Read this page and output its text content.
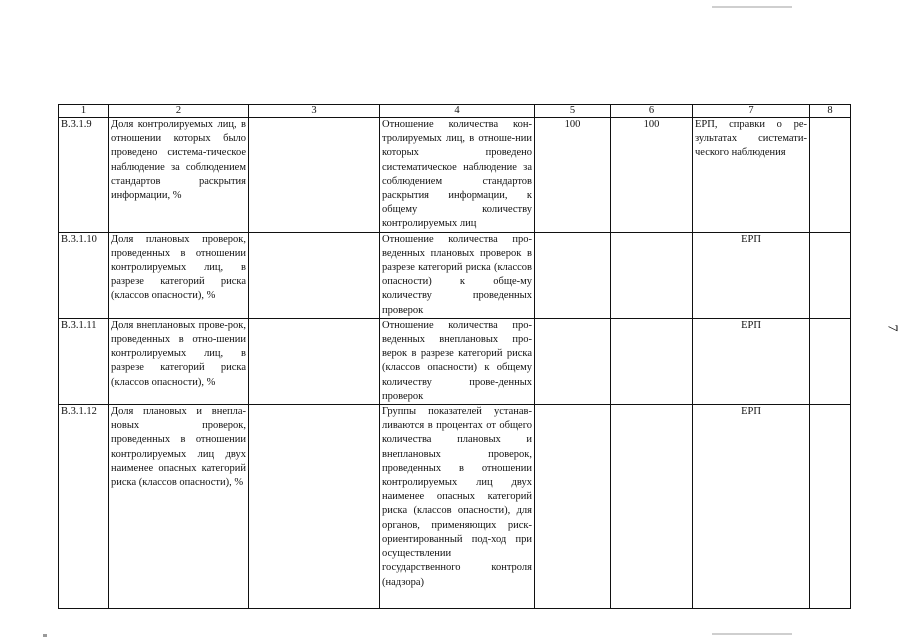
7
1	2	3	4	5	6	7	8
В.3.1.9	Доля контролируемых лиц, в отношении которых было проведено система-тическое наблюдение за соблюдением стандартов раскрытия информации, %		Отношение количества кон-тролируемых лиц, в отноше-нии которых проведено систематическое наблюдение за соблюдением стандартов раскрытия информации, к общему количеству контролируемых лиц	100	100	ЕРП, справки о ре-зультатах системати-ческого наблюдения	
В.3.1.10	Доля плановых проверок, проведенных в отношении контролируемых лиц, в разрезе категорий риска (классов опасности), %		Отношение количества про-веденных плановых проверок в разрезе категорий риска (классов опасности) к обще-му количеству проведенных проверок			ЕРП	
В.3.1.11	Доля внеплановых прове-рок, проведенных в отно-шении контролируемых лиц, в разрезе категорий риска (классов опасности), %		Отношение количества про-веденных внеплановых про-верок в разрезе категорий риска (классов опасности) к общему количеству прове-денных проверок			ЕРП	
В.3.1.12	Доля плановых и внепла-новых проверок, проведенных в отношении контролируемых лиц двух наименее опасных категорий риска (классов опасности), %		Группы показателей устанав-ливаются в процентах от общего количества плановых и внеплановых проверок, проведенных в отношении контролируемых лиц двух наименее опасных категорий риска (классов опасности), для органов, применяющих риск-ориентированный под-ход при осуществлении государственного контроля (надзора)			ЕРП	
